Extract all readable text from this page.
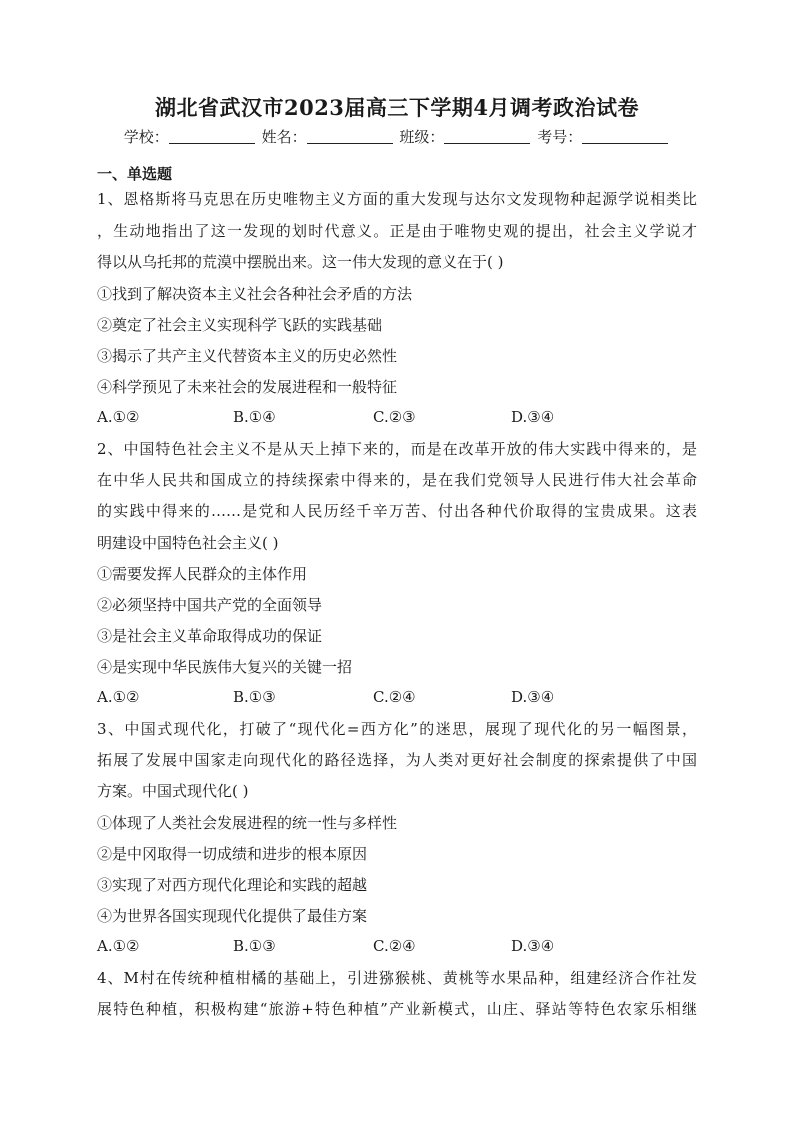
湖北省武汉市2023届高三下学期4月调考政治试卷
学校：	姓名：	班级：	考号：
一、单选题
1、恩格斯将马克思在历史唯物主义方面的重大发现与达尔文发现物种起源学说相类比
，生动地指出了这一发现的划时代意义。正是由于唯物史观的提出，社会主义学说才
得以从乌托邦的荒漠中摆脱出来。这一伟大发现的意义在于( )
①找到了解决资本主义社会各种社会矛盾的方法
②奠定了社会主义实现科学飞跃的实践基础
③揭示了共产主义代替资本主义的历史必然性
④科学预见了未来社会的发展进程和一般特征
A.①②	B.①④	C.②③	D.③④
2、中国特色社会主义不是从天上掉下来的，而是在改革开放的伟大实践中得来的，是
在中华人民共和国成立的持续探索中得来的，是在我们党领导人民进行伟大社会革命
的实践中得来的……是党和人民历经千辛万苦、付出各种代价取得的宝贵成果。这表
明建设中国特色社会主义( )
①需要发挥人民群众的主体作用
②必须坚持中国共产党的全面领导
③是社会主义革命取得成功的保证
④是实现中华民族伟大复兴的关键一招
A.①②	B.①③	C.②④	D.③④
3、中国式现代化，打破了“现代化=西方化”的迷思，展现了现代化的另一幅图景，
拓展了发展中国家走向现代化的路径选择，为人类对更好社会制度的探索提供了中国
方案。中国式现代化( )
①体现了人类社会发展进程的统一性与多样性
②是中冈取得一切成绩和进步的根本原因
③实现了对西方现代化理论和实践的超越
④为世界各国实现现代化提供了最佳方案
A.①②	B.①③	C.②④	D.③④
4、M村在传统种植柑橘的基础上，引进猕猴桃、黄桃等水果品种，组建经济合作社发
展特色种植，积极构建“旅游+特色种植”产业新模式，山庄、驿站等特色农家乐相继
